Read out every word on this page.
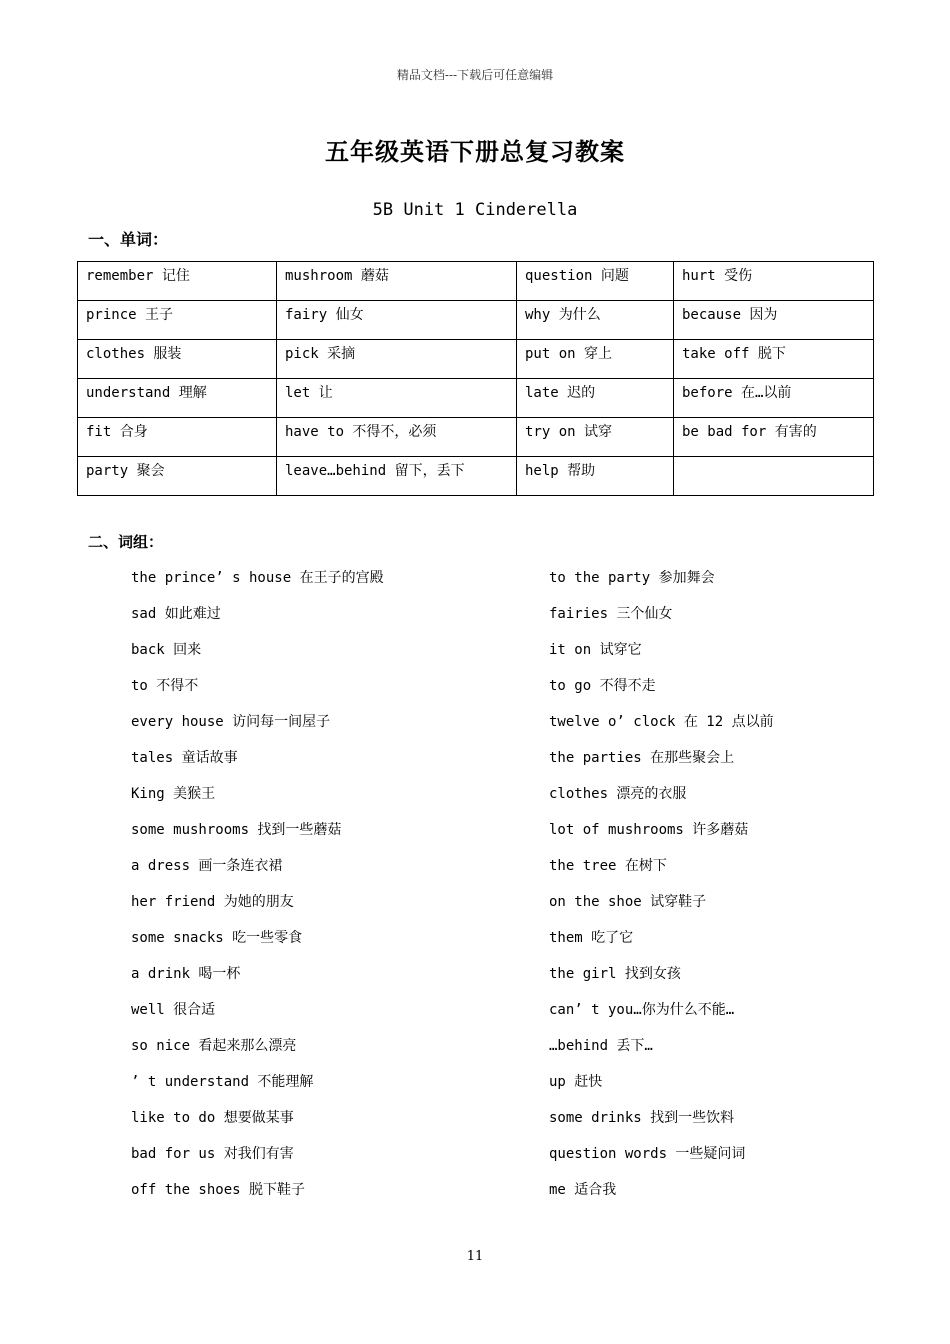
精品文档---下载后可任意编辑
五年级英语下册总复习教案
5B Unit 1 Cinderella
一、单词：
remember 记住	mushroom 蘑菇	question 问题	hurt 受伤
prince 王子	fairy 仙女	why 为什么	because 因为
clothes 服装	pick 采摘	put on 穿上	take off 脱下
understand 理解	let 让	late 迟的	before 在…以前
fit 合身	have to 不得不，必须	try on 试穿	be bad for 有害的
party 聚会	leave…behind 留下，丢下	help 帮助	
二、词组：
the prince’ s house 在王子的宫殿	to the party 参加舞会
sad 如此难过	fairies 三个仙女
back 回来	it on 试穿它
to 不得不	to go 不得不走
every house 访问每一间屋子	twelve o’ clock 在 12 点以前
tales 童话故事	the parties 在那些聚会上
King 美猴王	clothes 漂亮的衣服
some mushrooms 找到一些蘑菇	lot of mushrooms 许多蘑菇
a dress 画一条连衣裙	the tree 在树下
her friend 为她的朋友	on the shoe 试穿鞋子
some snacks 吃一些零食	them 吃了它
a drink 喝一杯	the girl 找到女孩
well 很合适	can’ t you…你为什么不能…
so nice 看起来那么漂亮	…behind 丢下…
’ t understand 不能理解	up 赶快
like to do 想要做某事	some drinks 找到一些饮料
bad for us 对我们有害	question words 一些疑问词
off the shoes 脱下鞋子	me 适合我
11
